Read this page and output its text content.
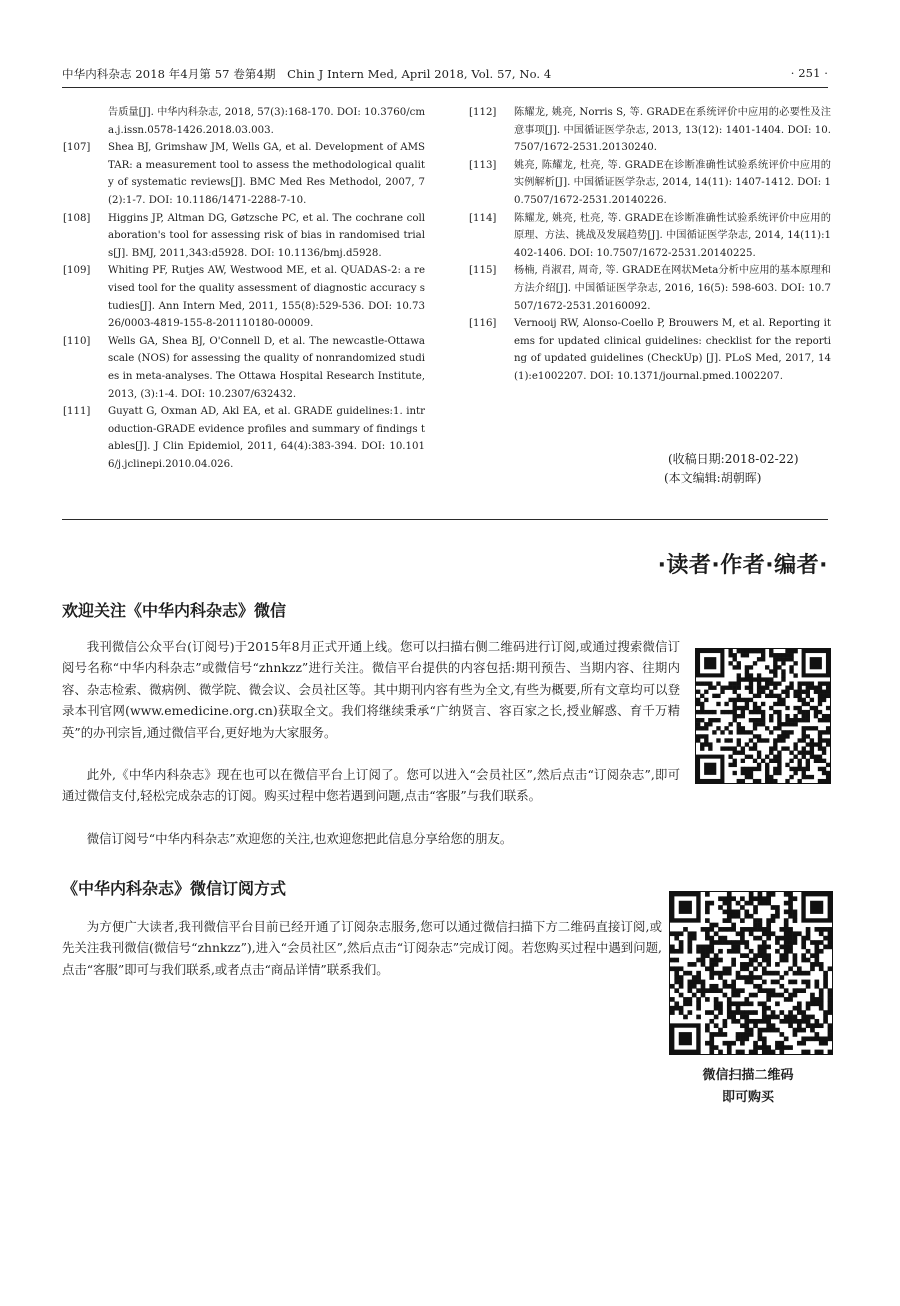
中华内科杂志 2018 年4月第 57 卷第4期　Chin J Intern Med, April 2018, Vol. 57, No. 4	· 251 ·
告质量[J]. 中华内科杂志, 2018, 57(3):168-170. DOI: 10.3760/cma.j.issn.0578-1426.2018.03.003.
[107]	Shea BJ, Grimshaw JM, Wells GA, et al. Development of AMSTAR: a measurement tool to assess the methodological quality of systematic reviews[J]. BMC Med Res Methodol, 2007, 7(2):1-7. DOI: 10.1186/1471-2288-7-10.
[108]	Higgins JP, Altman DG, Gøtzsche PC, et al. The cochrane collaboration's tool for assessing risk of bias in randomised trials[J]. BMJ, 2011,343:d5928. DOI: 10.1136/bmj.d5928.
[109]	Whiting PF, Rutjes AW, Westwood ME, et al. QUADAS-2: a revised tool for the quality assessment of diagnostic accuracy studies[J]. Ann Intern Med, 2011, 155(8):529-536. DOI: 10.7326/0003-4819-155-8-201110180-00009.
[110]	Wells GA, Shea BJ, O'Connell D, et al. The newcastle-Ottawa scale (NOS) for assessing the quality of nonrandomized studies in meta-analyses. The Ottawa Hospital Research Institute, 2013, (3):1-4. DOI: 10.2307/632432.
[111]	Guyatt G, Oxman AD, Akl EA, et al. GRADE guidelines:1. introduction-GRADE evidence profiles and summary of findings tables[J]. J Clin Epidemiol, 2011, 64(4):383-394. DOI: 10.1016/j.jclinepi.2010.04.026.
[112]	陈耀龙, 姚亮, Norris S, 等. GRADE在系统评价中应用的必要性及注意事项[J]. 中国循证医学杂志, 2013, 13(12): 1401-1404. DOI: 10.7507/1672-2531.20130240.
[113]	姚亮, 陈耀龙, 杜亮, 等. GRADE在诊断准确性试验系统评价中应用的实例解析[J]. 中国循证医学杂志, 2014, 14(11): 1407-1412. DOI: 10.7507/1672-2531.20140226.
[114]	陈耀龙, 姚亮, 杜亮, 等. GRADE在诊断准确性试验系统评价中应用的原理、方法、挑战及发展趋势[J]. 中国循证医学杂志, 2014, 14(11):1402-1406. DOI: 10.7507/1672-2531.20140225.
[115]	杨楠, 肖淑君, 周奇, 等. GRADE在网状Meta分析中应用的基本原理和方法介绍[J]. 中国循证医学杂志, 2016, 16(5): 598-603. DOI: 10.7507/1672-2531.20160092.
[116]	Vernooij RW, Alonso-Coello P, Brouwers M, et al. Reporting items for updated clinical guidelines: checklist for the reporting of updated guidelines (CheckUp) [J]. PLoS Med, 2017, 14(1):e1002207. DOI: 10.1371/journal.pmed.1002207.
(收稿日期:2018-02-22)
(本文编辑:胡朝晖)
·读者·作者·编者·
欢迎关注《中华内科杂志》微信

我刊微信公众平台(订阅号)于2015年8月正式开通上线。您可以扫描右侧二维码进行订阅,或通过搜索微信订阅号名称“中华内科杂志”或微信号“zhnkzz”进行关注。微信平台提供的内容包括:期刊预告、当期内容、往期内容、杂志检索、微病例、微学院、微会议、会员社区等。其中期刊内容有些为全文,有些为概要,所有文章均可以登录本刊官网(www.emedicine.org.cn)获取全文。我们将继续秉承“广纳贤言、容百家之长,授业解惑、育千万精英”的办刊宗旨,通过微信平台,更好地为大家服务。

此外,《中华内科杂志》现在也可以在微信平台上订阅了。您可以进入“会员社区”,然后点击“订阅杂志”,即可通过微信支付,轻松完成杂志的订阅。购买过程中您若遇到问题,点击“客服”与我们联系。

微信订阅号“中华内科杂志”欢迎您的关注,也欢迎您把此信息分享给您的朋友。

《中华内科杂志》微信订阅方式

为方便广大读者,我刊微信平台目前已经开通了订阅杂志服务,您可以通过微信扫描下方二维码直接订阅,或先关注我刊微信(微信号“zhnkzz”),进入“会员社区”,然后点击“订阅杂志”完成订阅。若您购买过程中遇到问题,点击“客服”即可与我们联系,或者点击“商品详情”联系我们。

微信扫描二维码
即可购买
